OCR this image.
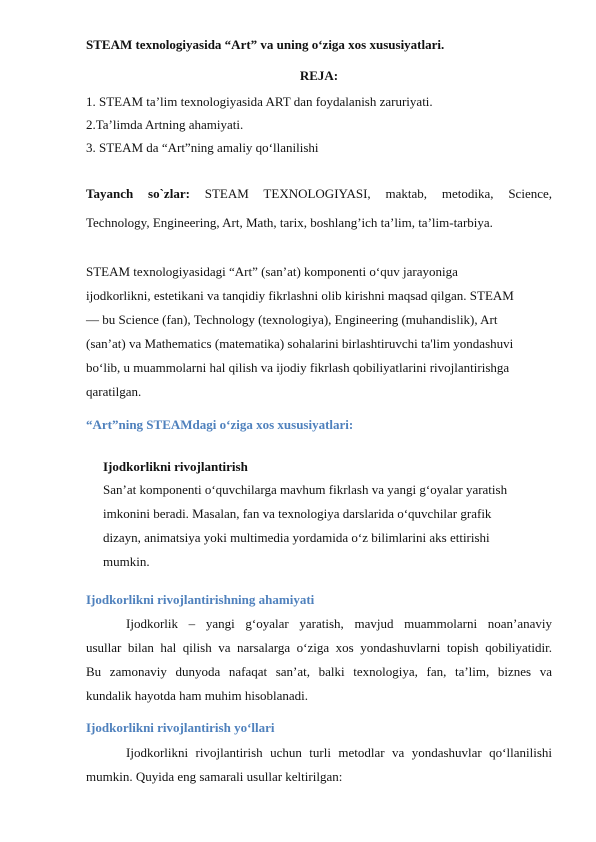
STEAM texnologiyasida “Art” va uning o‘ziga xos xususiyatlari.
REJA:
1. STEAM ta’lim texnologiyasida ART dan foydalanish zaruriyati.
2.Ta’limda Artning ahamiyati.
3. STEAM da “Art”ning amaliy qo‘llanilishi
Tayanch so`zlar: STEAM TEXNOLOGIYASI, maktab, metodika, Science,
Technology, Engineering, Art, Math, tarix, boshlang’ich ta’lim, ta’lim-tarbiya.
STEAM texnologiyasidagi “Art” (san’at) komponenti o‘quv jarayoniga
ijodkorlikni, estetikani va tanqidiy fikrlashni olib kirishni maqsad qilgan. STEAM
— bu Science (fan), Technology (texnologiya), Engineering (muhandislik), Art
(san’at) va Mathematics (matematika) sohalarini birlashtiruvchi ta'lim yondashuvi
bo‘lib, u muammolarni hal qilish va ijodiy fikrlash qobiliyatlarini rivojlantirishga
qaratilgan.
“Art”ning STEAMdagi o‘ziga xos xususiyatlari:
Ijodkorlikni rivojlantirish
San’at komponenti o‘quvchilarga mavhum fikrlash va yangi g‘oyalar yaratish
imkonini beradi. Masalan, fan va texnologiya darslarida o‘quvchilar grafik
dizayn, animatsiya yoki multimedia yordamida o‘z bilimlarini aks ettirishi
mumkin.
Ijodkorlikni rivojlantirishning ahamiyati
Ijodkorlik – yangi g‘oyalar yaratish, mavjud muammolarni noan’anaviy
usullar bilan hal qilish va narsalarga o‘ziga xos yondashuvlarni topish qobiliyatidir.
Bu zamonaviy dunyoda nafaqat san’at, balki texnologiya, fan, ta’lim, biznes va
kundalik hayotda ham muhim hisoblanadi.
Ijodkorlikni rivojlantirish yo‘llari
Ijodkorlikni rivojlantirish uchun turli metodlar va yondashuvlar qo‘llanilishi
mumkin. Quyida eng samarali usullar keltirilgan:
